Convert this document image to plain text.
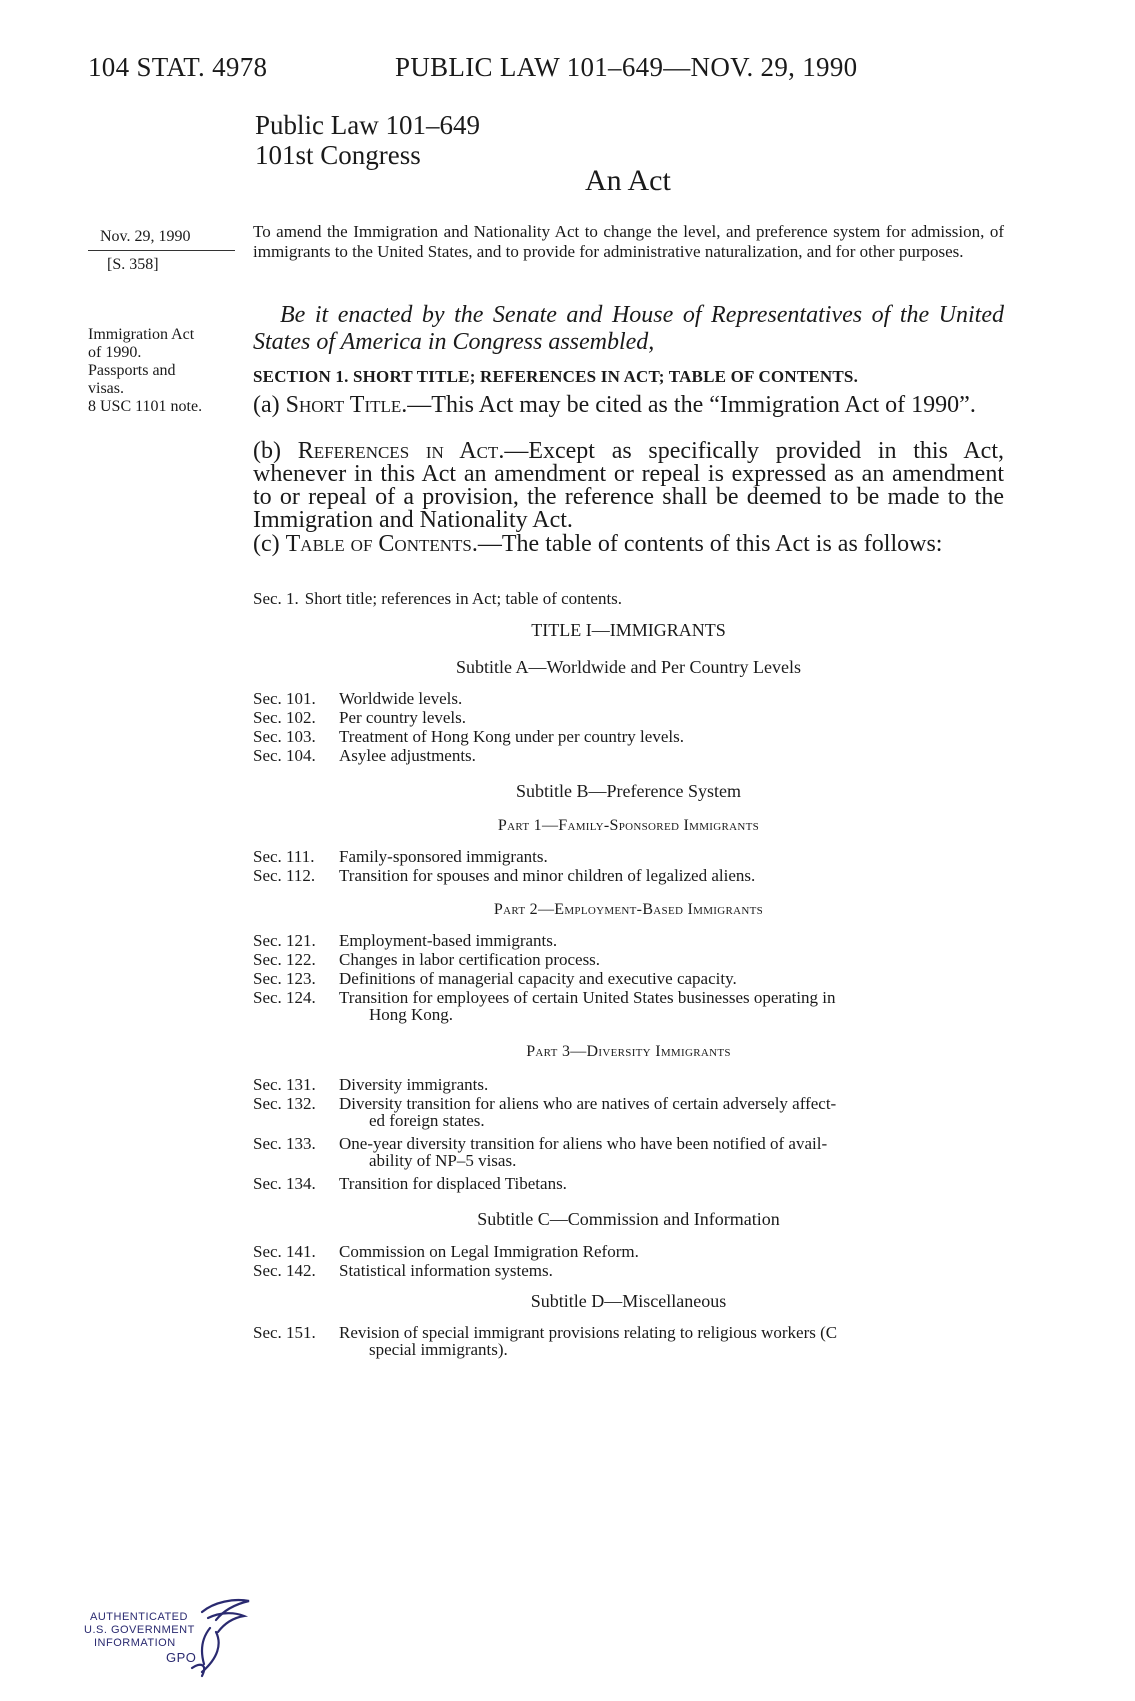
104 STAT. 4978	PUBLIC LAW 101–649—NOV. 29, 1990
Public Law 101–649
101st Congress
An Act
Nov. 29, 1990
[S. 358]
Immigration Act
of 1990.
Passports and
visas.
8 USC 1101 note.
To amend the Immigration and Nationality Act to change the level, and preference system for admission, of immigrants to the United States, and to provide for administrative naturalization, and for other purposes.
Be it enacted by the Senate and House of Representatives of the United States of America in Congress assembled,
SECTION 1. SHORT TITLE; REFERENCES IN ACT; TABLE OF CONTENTS.
(a) Short Title.—This Act may be cited as the “Immigration Act of 1990”.
(b) References in Act.—Except as specifically provided in this Act, whenever in this Act an amendment or repeal is expressed as an amendment to or repeal of a provision, the reference shall be deemed to be made to the Immigration and Nationality Act.
(c) Table of Contents.—The table of contents of this Act is as follows:
Sec. 1. Short title; references in Act; table of contents.
TITLE I—IMMIGRANTS
Subtitle A—Worldwide and Per Country Levels
Sec. 101. Worldwide levels.
Sec. 102. Per country levels.
Sec. 103. Treatment of Hong Kong under per country levels.
Sec. 104. Asylee adjustments.
Subtitle B—Preference System
Part 1—Family-Sponsored Immigrants
Sec. 111. Family-sponsored immigrants.
Sec. 112. Transition for spouses and minor children of legalized aliens.
Part 2—Employment-Based Immigrants
Sec. 121. Employment-based immigrants.
Sec. 122. Changes in labor certification process.
Sec. 123. Definitions of managerial capacity and executive capacity.
Sec. 124. Transition for employees of certain United States businesses operating in
Hong Kong.
Part 3—Diversity Immigrants
Sec. 131. Diversity immigrants.
Sec. 132. Diversity transition for aliens who are natives of certain adversely affect-
ed foreign states.
Sec. 133. One-year diversity transition for aliens who have been notified of avail-
ability of NP–5 visas.
Sec. 134. Transition for displaced Tibetans.
Subtitle C—Commission and Information
Sec. 141. Commission on Legal Immigration Reform.
Sec. 142. Statistical information systems.
Subtitle D—Miscellaneous
Sec. 151. Revision of special immigrant provisions relating to religious workers (C
special immigrants).
AUTHENTICATED
U.S. GOVERNMENT
INFORMATION
GPO
